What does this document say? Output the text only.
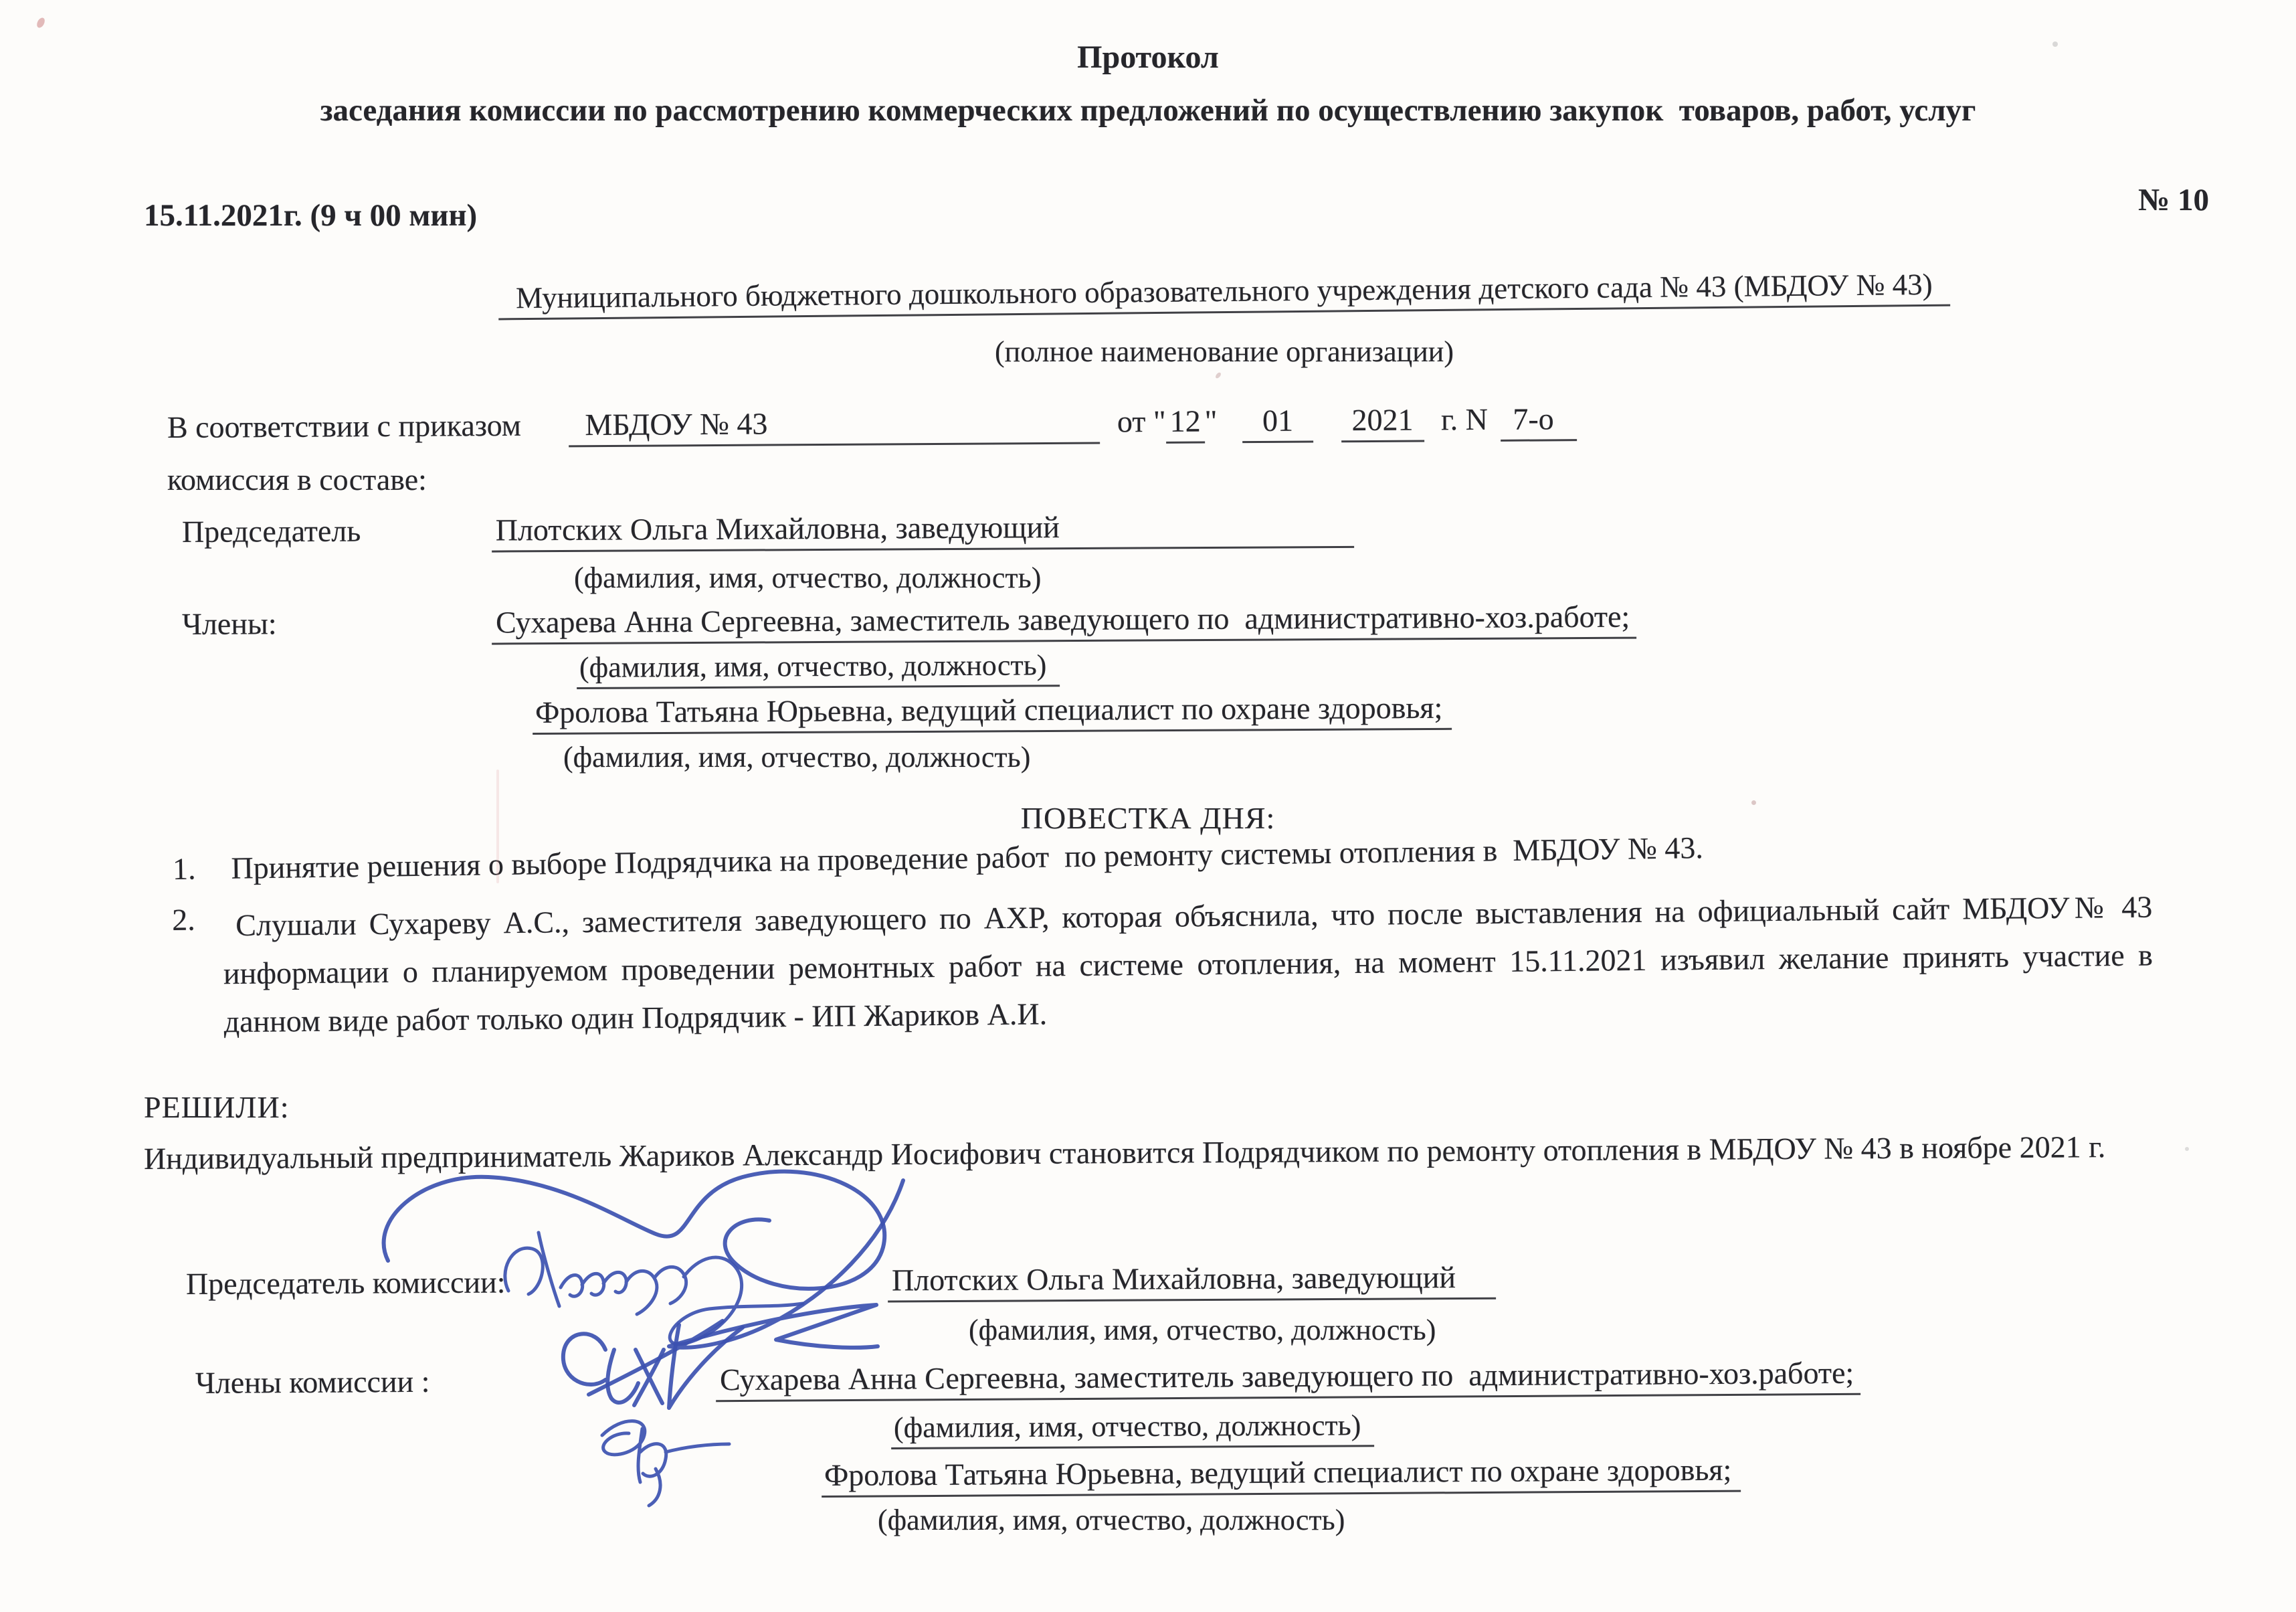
Протокол
заседания комиссии по рассмотрению коммерческих предложений по осуществлению закупок  товаров, работ, услуг
№ 10
15.11.2021г. (9 ч 00 мин)
Муниципального бюджетного дошкольного образовательного учреждения детского сада № 43 (МБДОУ № 43)
(полное наименование организации)
В соответствии с приказом МБДОУ № 43	от " 12 " 01 2021 г. N 7-о
комиссия в составе:
Председатель	Плотских Ольга Михайловна, заведующий
(фамилия, имя, отчество, должность)
Члены:	Сухарева Анна Сергеевна, заместитель заведующего по  административно-хоз.работе;
(фамилия, имя, отчество, должность)
Фролова Татьяна Юрьевна, ведущий специалист по охране здоровья;
(фамилия, имя, отчество, должность)
ПОВЕСТКА ДНЯ:
1. Принятие решения о выборе Подрядчика на проведение работ  по ремонту системы отопления в  МБДОУ № 43.
2. Слушали Сухареву А.С., заместителя заведующего по АХР, которая объяснила, что после выставления на официальный сайт МБДОУ№ 43 информации о планируемом проведении ремонтных работ на системе отопления, на момент 15.11.2021 изъявил желание принять участие в данном виде работ только один Подрядчик - ИП Жариков А.И.
РЕШИЛИ:
Индивидуальный предприниматель Жариков Александр Иосифович становится Подрядчиком по ремонту отопления в МБДОУ № 43 в ноябре 2021 г.
Председатель комиссии:	Плотских Ольга Михайловна, заведующий
(фамилия, имя, отчество, должность)
Члены комиссии :	Сухарева Анна Сергеевна, заместитель заведующего по  административно-хоз.работе;
(фамилия, имя, отчество, должность)
Фролова Татьяна Юрьевна, ведущий специалист по охране здоровья;
(фамилия, имя, отчество, должность)
